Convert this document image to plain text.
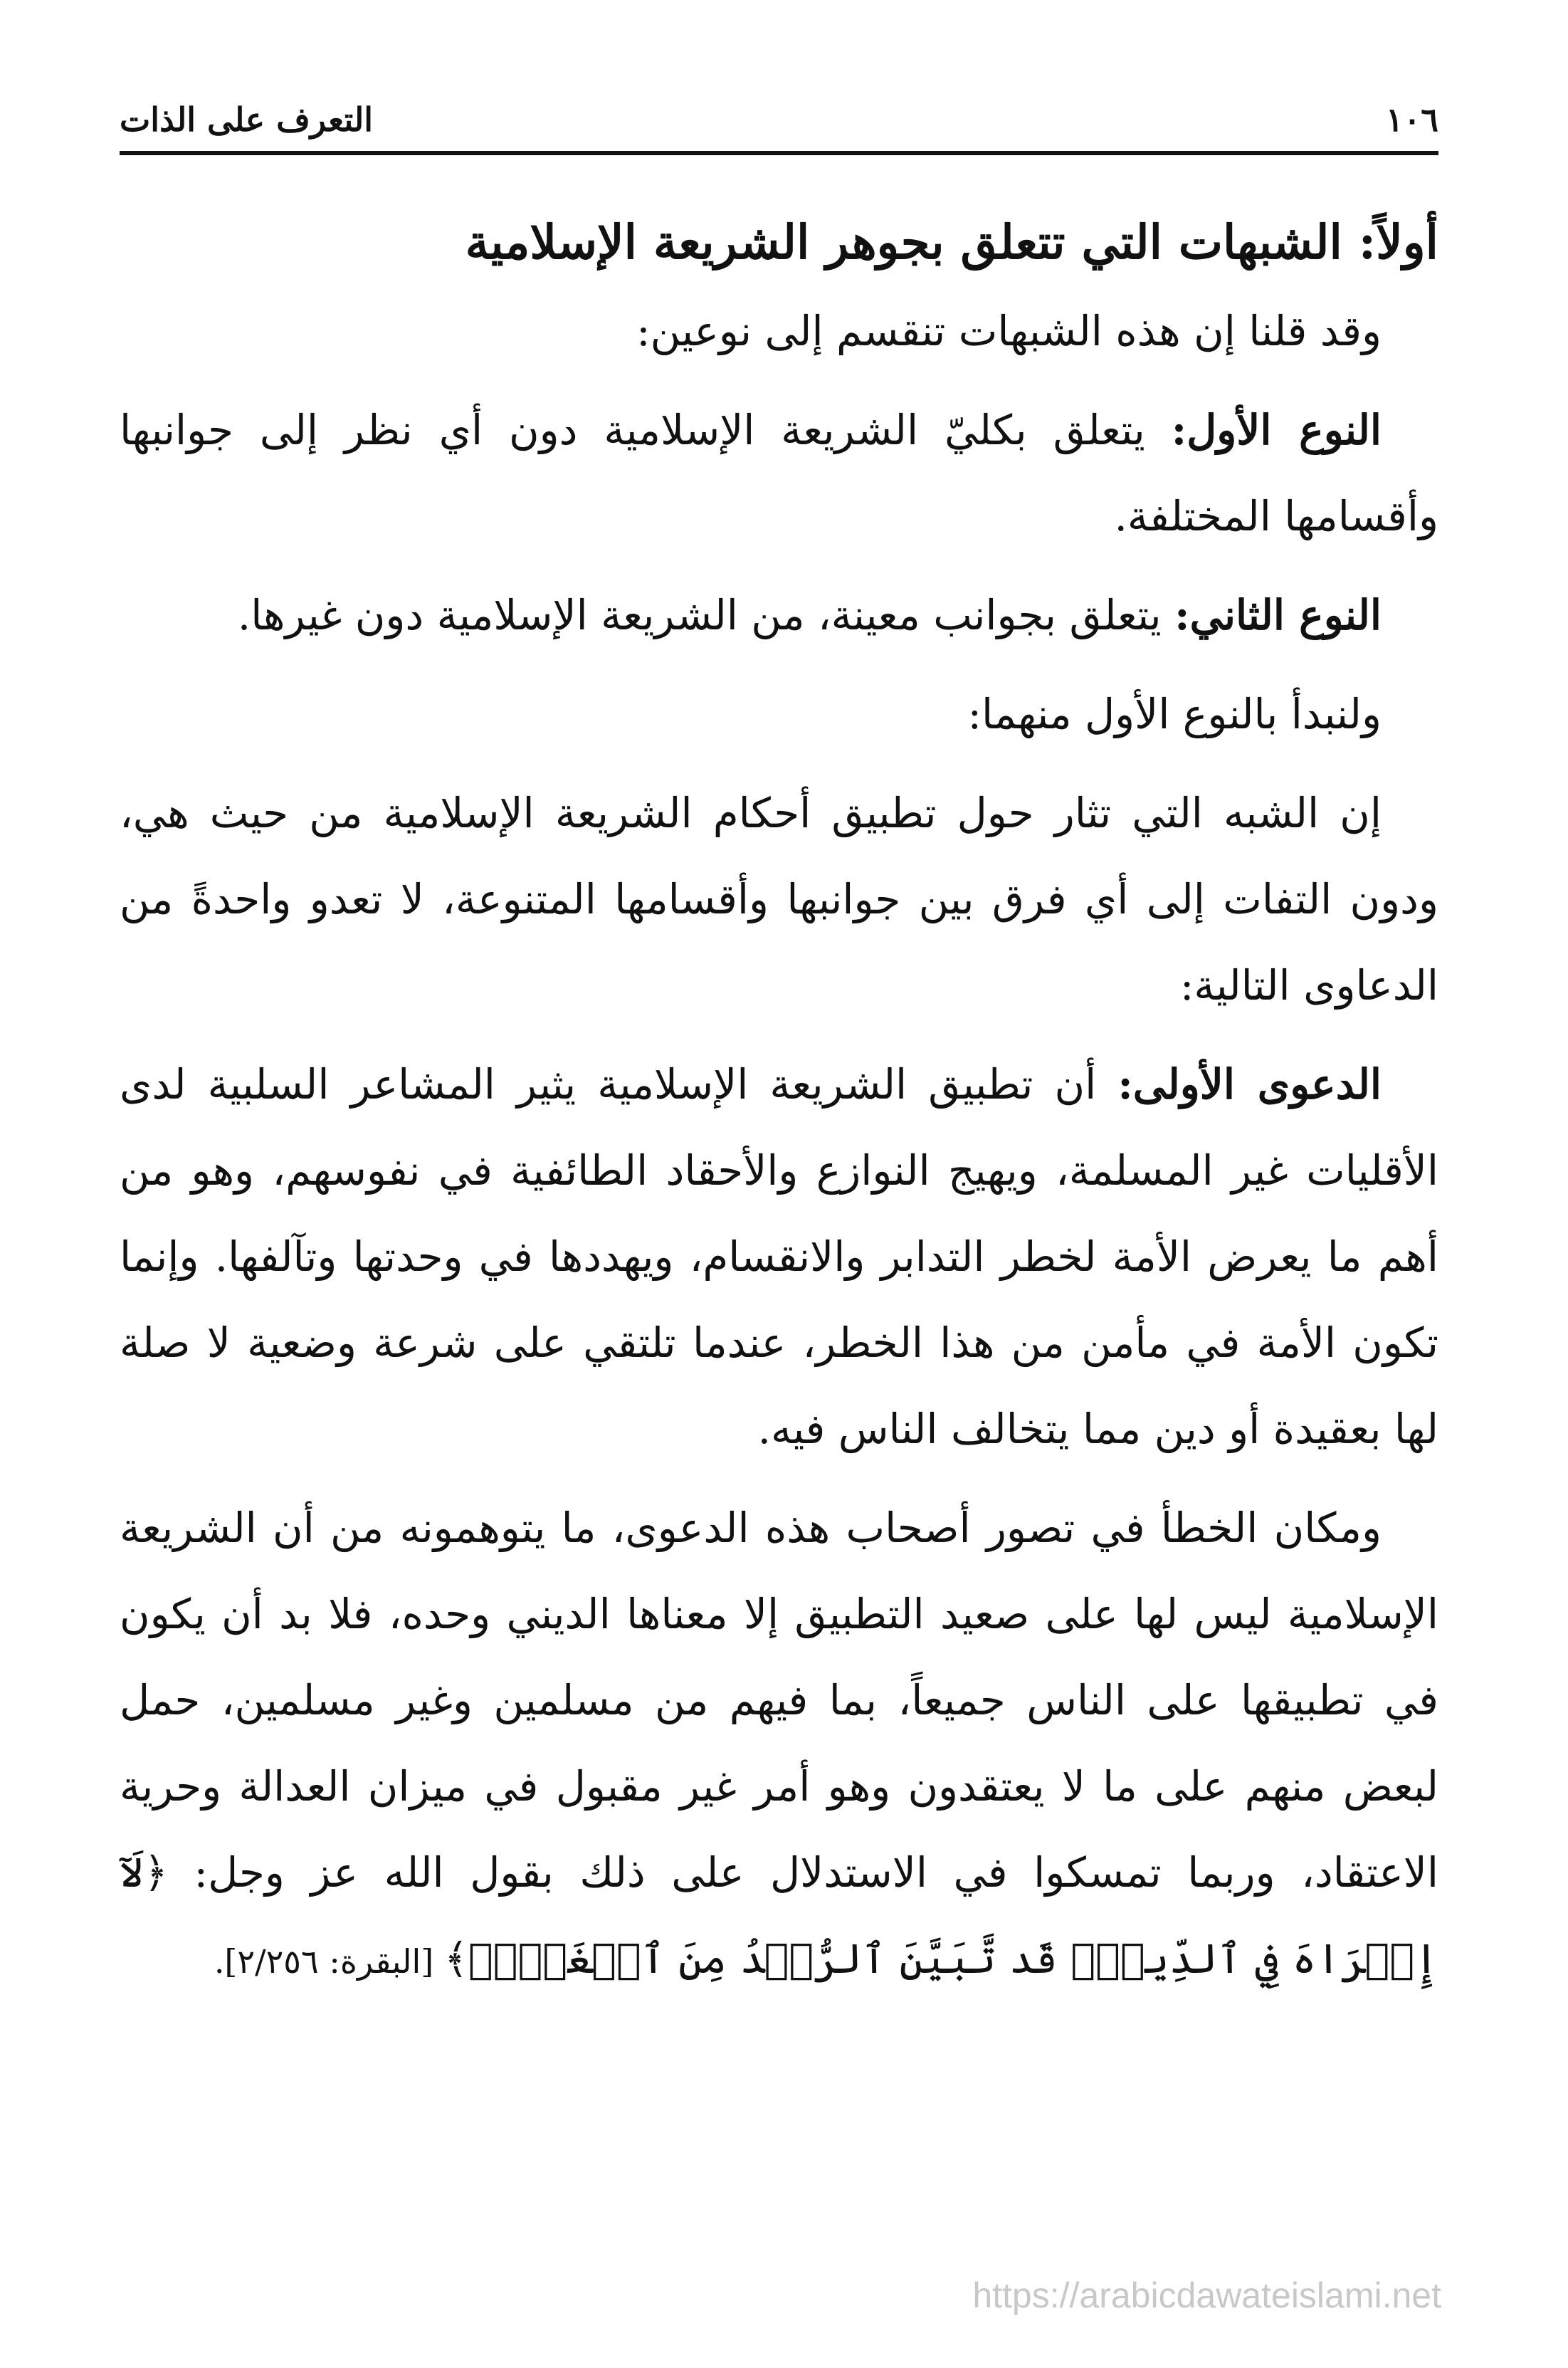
١٠٦
التعرف على الذات
أولاً: الشبهات التي تتعلق بجوهر الشريعة الإسلامية

وقد قلنا إن هذه الشبهات تنقسم إلى نوعين:

النوع الأول: يتعلق بكليّ الشريعة الإسلامية دون أي نظر إلى جوانبها وأقسامها المختلفة.

النوع الثاني: يتعلق بجوانب معينة، من الشريعة الإسلامية دون غيرها.

ولنبدأ بالنوع الأول منهما:

إن الشبه التي تثار حول تطبيق أحكام الشريعة الإسلامية من حيث هي، ودون التفات إلى أي فرق بين جوانبها وأقسامها المتنوعة، لا تعدو واحدةً من الدعاوى التالية:

الدعوى الأولى: أن تطبيق الشريعة الإسلامية يثير المشاعر السلبية لدى الأقليات غير المسلمة، ويهيج النوازع والأحقاد الطائفية في نفوسهم، وهو من أهم ما يعرض الأمة لخطر التدابر والانقسام، ويهددها في وحدتها وتآلفها. وإنما تكون الأمة في مأمن من هذا الخطر، عندما تلتقي على شرعة وضعية لا صلة لها بعقيدة أو دين مما يتخالف الناس فيه.

ومكان الخطأ في تصور أصحاب هذه الدعوى، ما يتوهمونه من أن الشريعة الإسلامية ليس لها على صعيد التطبيق إلا معناها الديني وحده، فلا بد أن يكون في تطبيقها على الناس جميعاً، بما فيهم من مسلمين وغير مسلمين، حمل لبعض منهم على ما لا يعتقدون وهو أمر غير مقبول في ميزان العدالة وحرية الاعتقاد، وربما تمسكوا في الاستدلال على ذلك بقول الله عز وجل: ﴿لَآ إِكۡرَاهَ فِي ٱلدِّينِۖ قَد تَّبَيَّنَ ٱلرُّشۡدُ مِنَ ٱلۡغَيِّۚ﴾ [البقرة: ٢/٢٥٦].

https://arabicdawateislami.net
